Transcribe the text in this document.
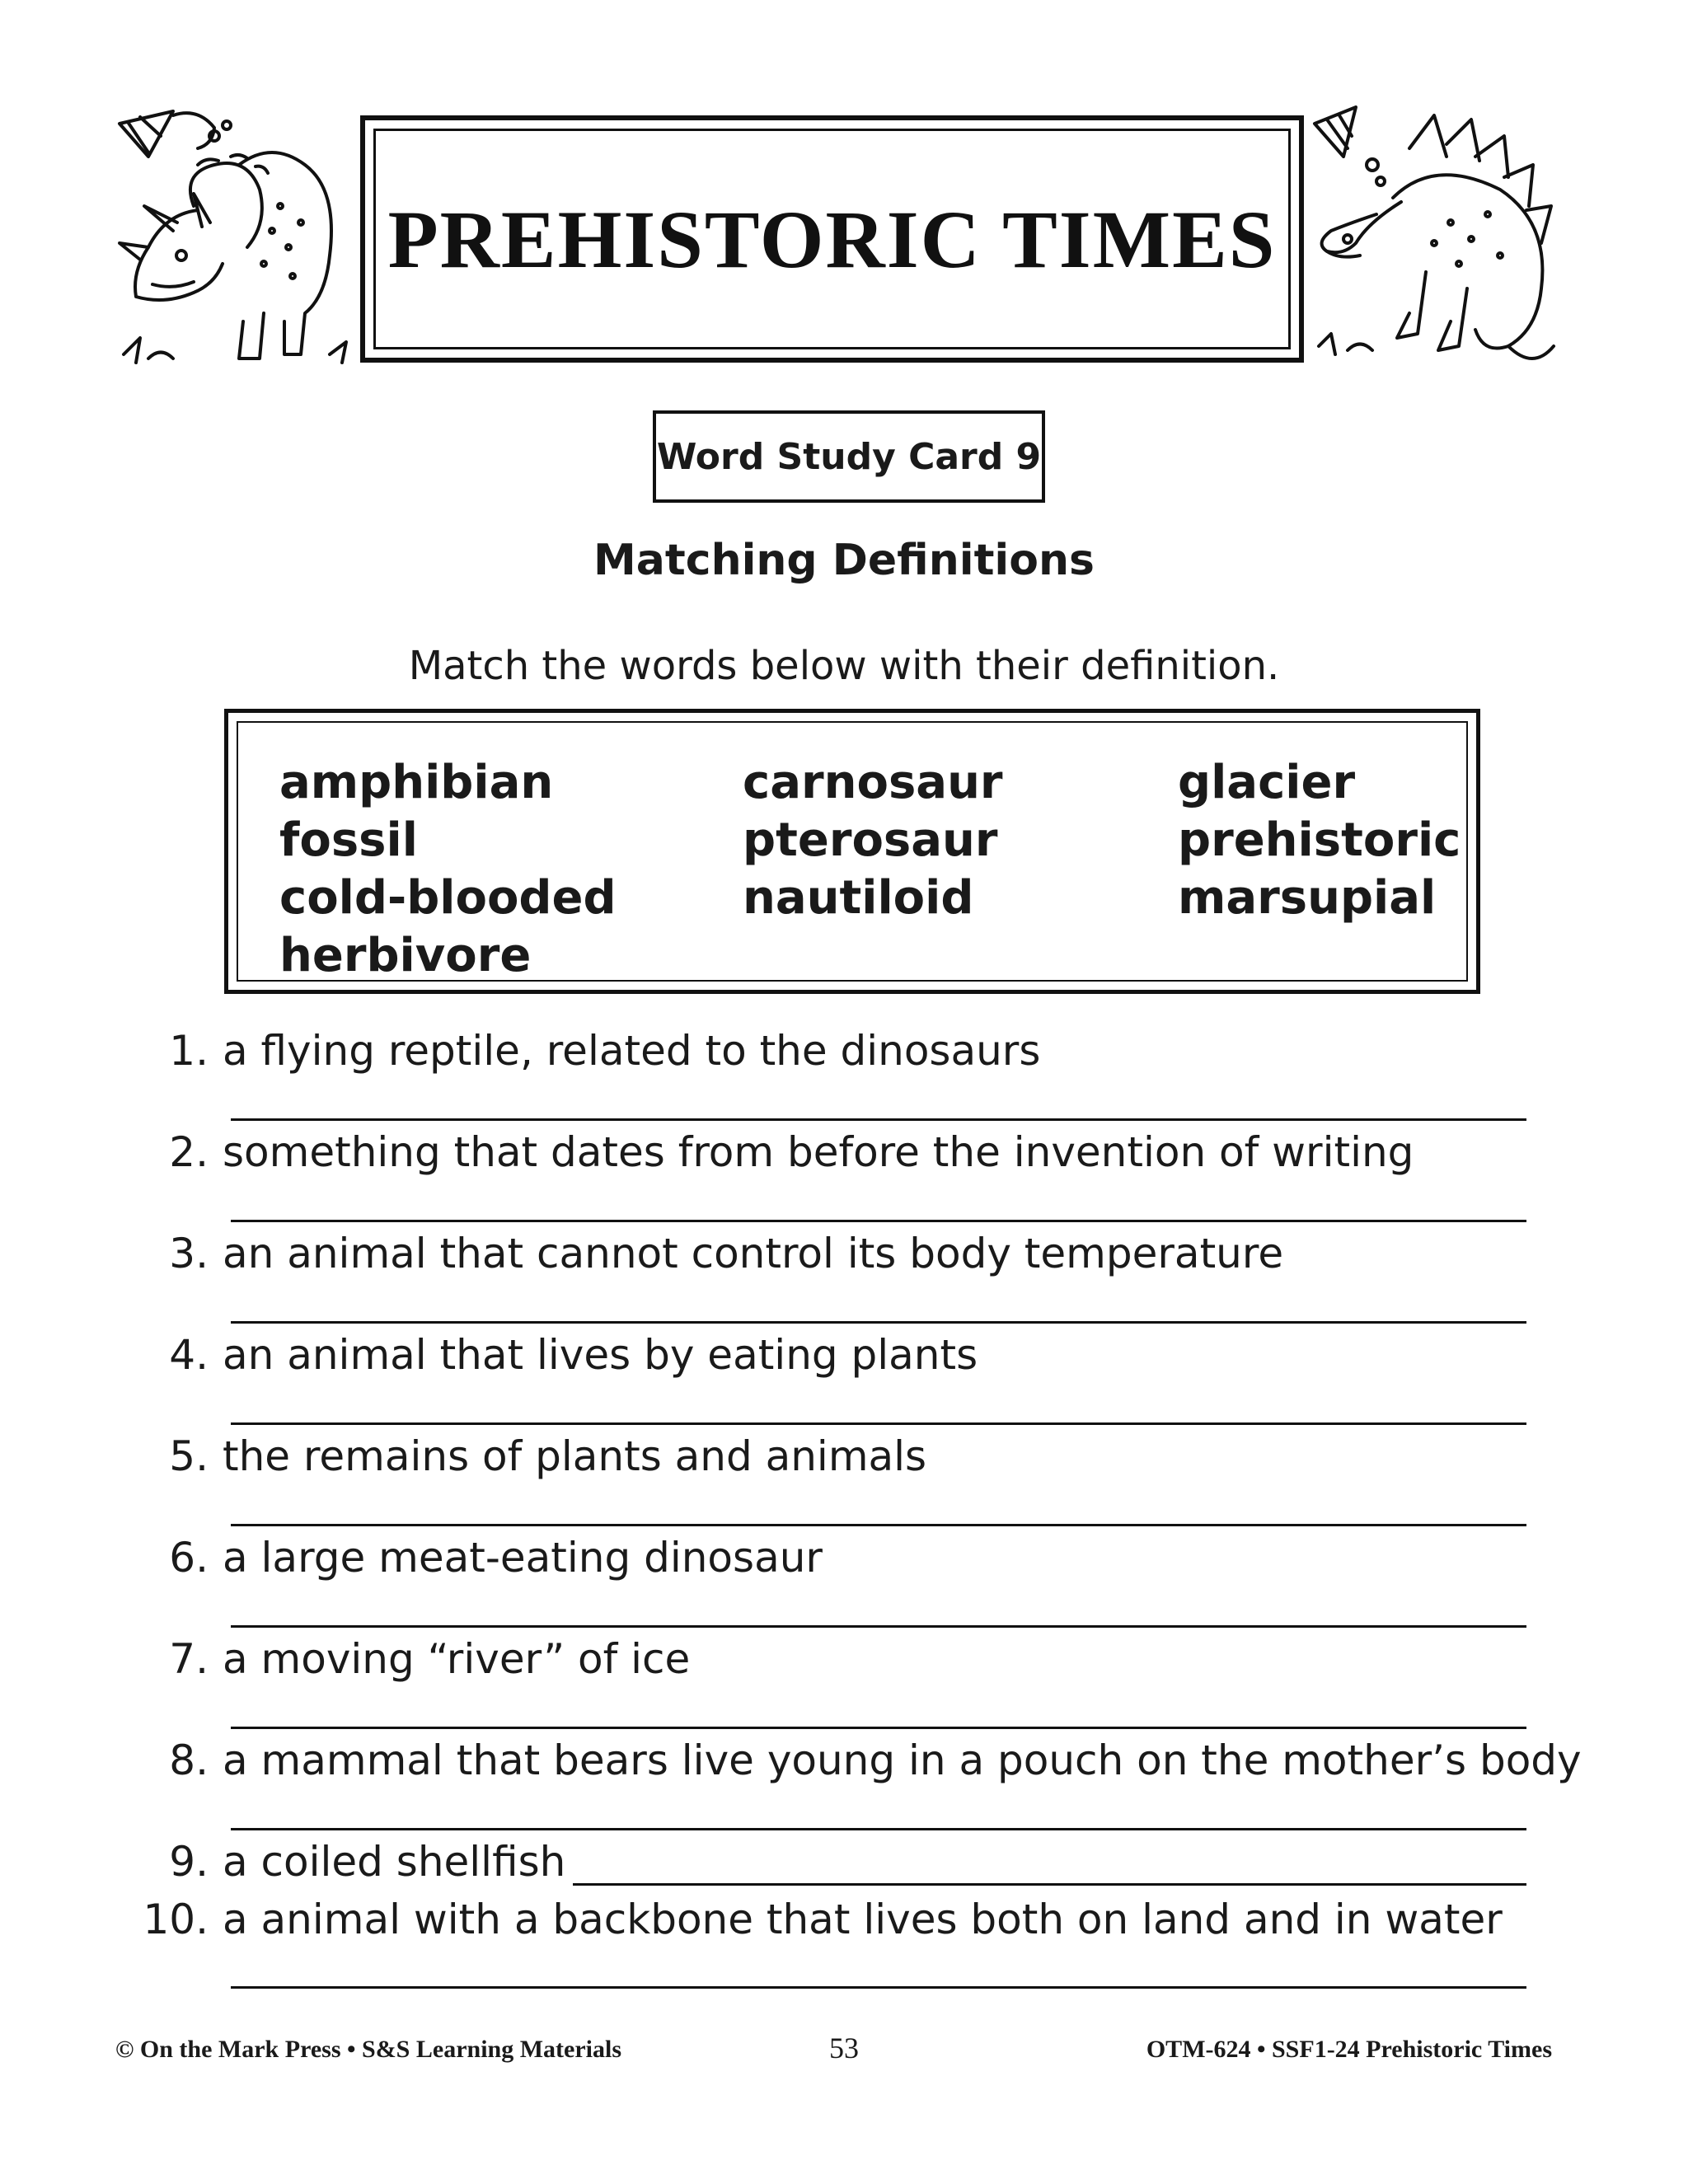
PREHISTORIC TIMES
Word Study Card 9
Matching Definitions
Match the words below with their definition.
amphibian
fossil
cold-blooded
herbivore
carnosaur
pterosaur
nautiloid
glacier
prehistoric
marsupial
1. a flying reptile, related to the dinosaurs
2. something that dates from before the invention of writing
3. an animal that cannot control its body temperature
4. an animal that lives by eating plants
5. the remains of plants and animals
6. a large meat-eating dinosaur
7. a moving “river” of ice
8. a mammal that bears live young in a pouch on the mother’s body
9. a coiled shellfish
10. a animal with a backbone that lives both on land and in water
© On the Mark Press • S&S Learning Materials	53	OTM-624 • SSF1-24 Prehistoric Times
